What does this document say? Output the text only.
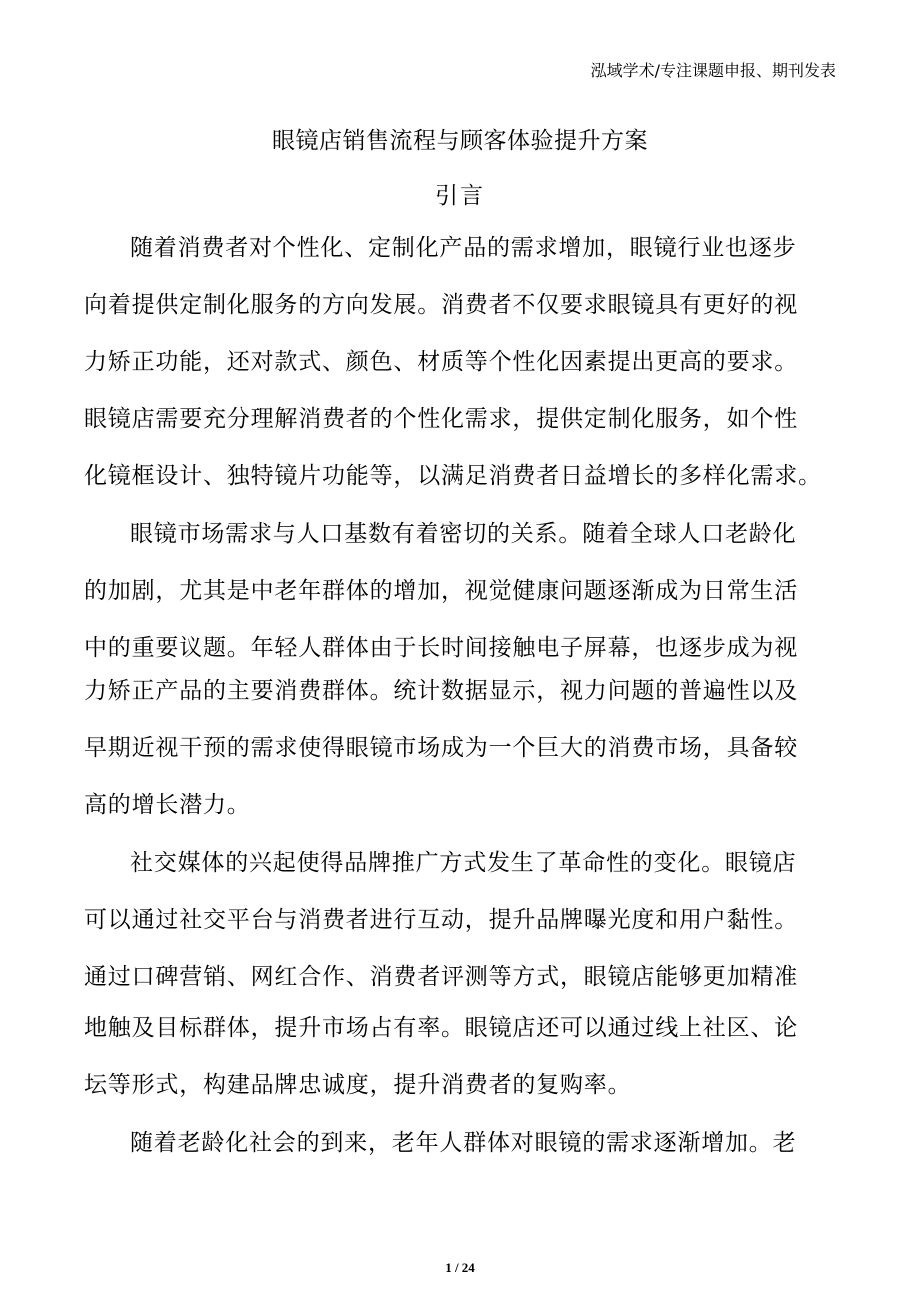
泓域学术/专注课题申报、期刊发表
眼镜店销售流程与顾客体验提升方案
引言
随着消费者对个性化、定制化产品的需求增加，眼镜行业也逐步
向着提供定制化服务的方向发展。消费者不仅要求眼镜具有更好的视
力矫正功能，还对款式、颜色、材质等个性化因素提出更高的要求。
眼镜店需要充分理解消费者的个性化需求，提供定制化服务，如个性
化镜框设计、独特镜片功能等，以满足消费者日益增长的多样化需求。
眼镜市场需求与人口基数有着密切的关系。随着全球人口老龄化
的加剧，尤其是中老年群体的增加，视觉健康问题逐渐成为日常生活
中的重要议题。年轻人群体由于长时间接触电子屏幕，也逐步成为视
力矫正产品的主要消费群体。统计数据显示，视力问题的普遍性以及
早期近视干预的需求使得眼镜市场成为一个巨大的消费市场，具备较
高的增长潜力。
社交媒体的兴起使得品牌推广方式发生了革命性的变化。眼镜店
可以通过社交平台与消费者进行互动，提升品牌曝光度和用户黏性。
通过口碑营销、网红合作、消费者评测等方式，眼镜店能够更加精准
地触及目标群体，提升市场占有率。眼镜店还可以通过线上社区、论
坛等形式，构建品牌忠诚度，提升消费者的复购率。
随着老龄化社会的到来，老年人群体对眼镜的需求逐渐增加。老
1 / 24
